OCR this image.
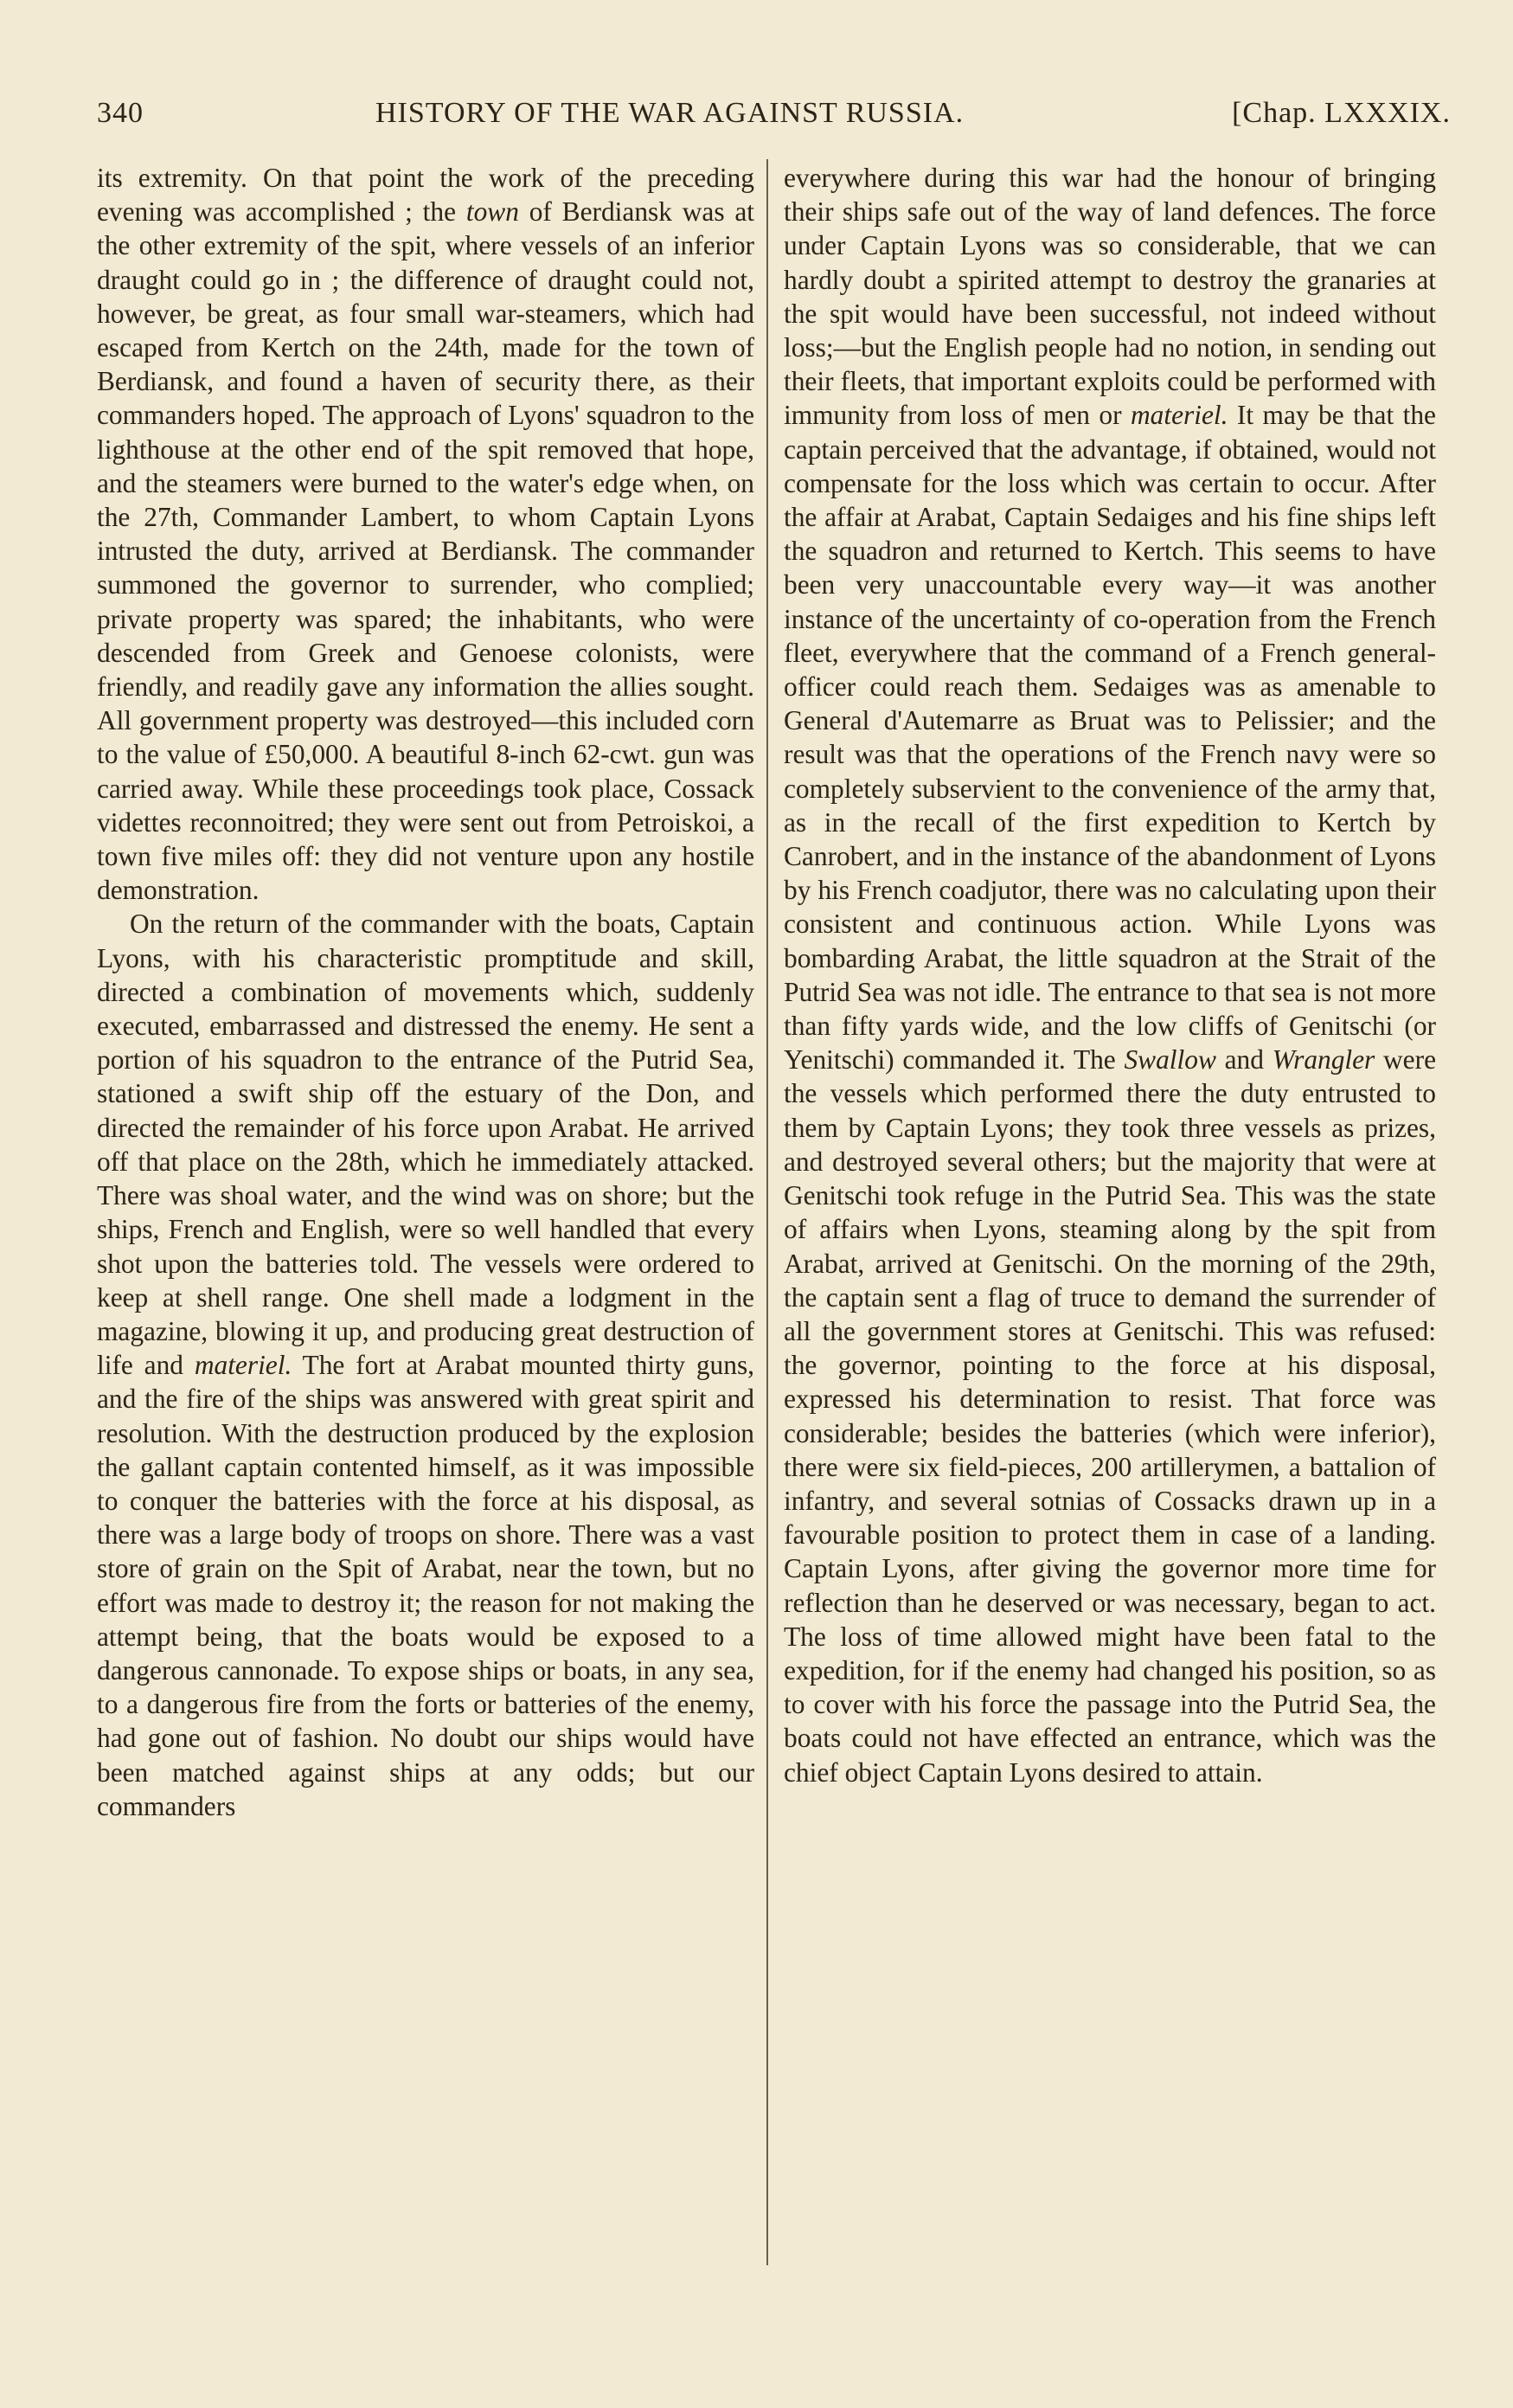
340	HISTORY OF THE WAR AGAINST RUSSIA.	[Chap. LXXXIX.

its extremity. On that point the work of the preceding evening was accomplished ; the town of Berdiansk was at the other extremity of the spit, where vessels of an inferior draught could go in ; the difference of draught could not, however, be great, as four small war-steamers, which had escaped from Kertch on the 24th, made for the town of Berdiansk, and found a haven of security there, as their commanders hoped. The approach of Lyons' squadron to the lighthouse at the other end of the spit removed that hope, and the steamers were burned to the water's edge when, on the 27th, Commander Lambert, to whom Captain Lyons intrusted the duty, arrived at Berdiansk. The commander summoned the governor to surrender, who complied; private property was spared; the inhabitants, who were descended from Greek and Genoese colonists, were friendly, and readily gave any information the allies sought. All government property was destroyed—this included corn to the value of £50,000. A beautiful 8-inch 62-cwt. gun was carried away. While these proceedings took place, Cossack videttes reconnoitred; they were sent out from Petroiskoi, a town five miles off: they did not venture upon any hostile demonstration.

On the return of the commander with the boats, Captain Lyons, with his characteristic promptitude and skill, directed a combination of movements which, suddenly executed, embarrassed and distressed the enemy. He sent a portion of his squadron to the entrance of the Putrid Sea, stationed a swift ship off the estuary of the Don, and directed the remainder of his force upon Arabat. He arrived off that place on the 28th, which he immediately attacked. There was shoal water, and the wind was on shore; but the ships, French and English, were so well handled that every shot upon the batteries told. The vessels were ordered to keep at shell range. One shell made a lodgment in the magazine, blowing it up, and producing great destruction of life and materiel. The fort at Arabat mounted thirty guns, and the fire of the ships was answered with great spirit and resolution. With the destruction produced by the explosion the gallant captain contented himself, as it was impossible to conquer the batteries with the force at his disposal, as there was a large body of troops on shore. There was a vast store of grain on the Spit of Arabat, near the town, but no effort was made to destroy it; the reason for not making the attempt being, that the boats would be exposed to a dangerous cannonade. To expose ships or boats, in any sea, to a dangerous fire from the forts or batteries of the enemy, had gone out of fashion. No doubt our ships would have been matched against ships at any odds; but our commanders

everywhere during this war had the honour of bringing their ships safe out of the way of land defences. The force under Captain Lyons was so considerable, that we can hardly doubt a spirited attempt to destroy the granaries at the spit would have been successful, not indeed without loss;—but the English people had no notion, in sending out their fleets, that important exploits could be performed with immunity from loss of men or materiel. It may be that the captain perceived that the advantage, if obtained, would not compensate for the loss which was certain to occur. After the affair at Arabat, Captain Sedaiges and his fine ships left the squadron and returned to Kertch. This seems to have been very unaccountable every way—it was another instance of the uncertainty of co-operation from the French fleet, everywhere that the command of a French general-officer could reach them. Sedaiges was as amenable to General d'Autemarre as Bruat was to Pelissier; and the result was that the operations of the French navy were so completely subservient to the convenience of the army that, as in the recall of the first expedition to Kertch by Canrobert, and in the instance of the abandonment of Lyons by his French coadjutor, there was no calculating upon their consistent and continuous action. While Lyons was bombarding Arabat, the little squadron at the Strait of the Putrid Sea was not idle. The entrance to that sea is not more than fifty yards wide, and the low cliffs of Genitschi (or Yenitschi) commanded it. The Swallow and Wrangler were the vessels which performed there the duty entrusted to them by Captain Lyons; they took three vessels as prizes, and destroyed several others; but the majority that were at Genitschi took refuge in the Putrid Sea. This was the state of affairs when Lyons, steaming along by the spit from Arabat, arrived at Genitschi. On the morning of the 29th, the captain sent a flag of truce to demand the surrender of all the government stores at Genitschi. This was refused: the governor, pointing to the force at his disposal, expressed his determination to resist. That force was considerable; besides the batteries (which were inferior), there were six field-pieces, 200 artillerymen, a battalion of infantry, and several sotnias of Cossacks drawn up in a favourable position to protect them in case of a landing. Captain Lyons, after giving the governor more time for reflection than he deserved or was necessary, began to act. The loss of time allowed might have been fatal to the expedition, for if the enemy had changed his position, so as to cover with his force the passage into the Putrid Sea, the boats could not have effected an entrance, which was the chief object Captain Lyons desired to attain.
